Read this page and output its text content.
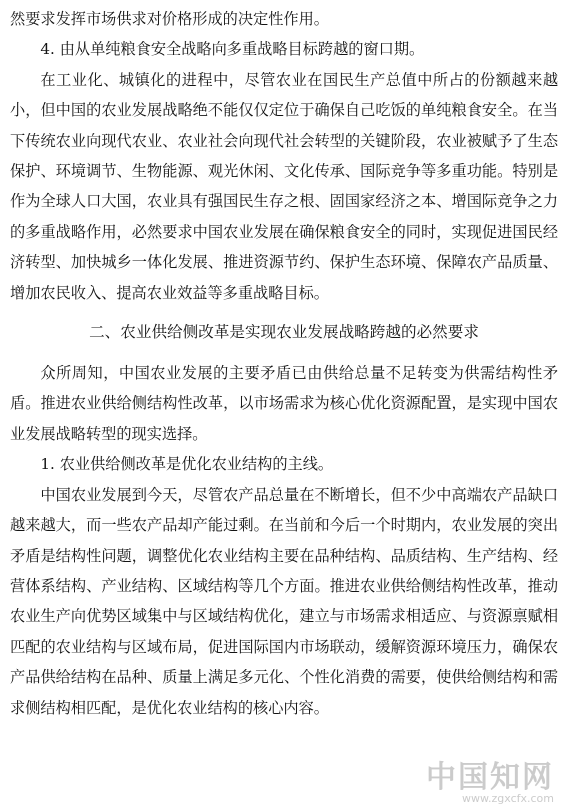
然要求发挥市场供求对价格形成的决定性作用。

4. 由从单纯粮食安全战略向多重战略目标跨越的窗口期。

在工业化、城镇化的进程中，尽管农业在国民生产总值中所占的份额越来越小，但中国的农业发展战略绝不能仅仅定位于确保自己吃饭的单纯粮食安全。在当下传统农业向现代农业、农业社会向现代社会转型的关键阶段，农业被赋予了生态保护、环境调节、生物能源、观光休闲、文化传承、国际竞争等多重功能。特别是作为全球人口大国，农业具有强国民生存之根、固国家经济之本、增国际竞争之力的多重战略作用，必然要求中国农业发展在确保粮食安全的同时，实现促进国民经济转型、加快城乡一体化发展、推进资源节约、保护生态环境、保障农产品质量、增加农民收入、提高农业效益等多重战略目标。

二、农业供给侧改革是实现农业发展战略跨越的必然要求

众所周知，中国农业发展的主要矛盾已由供给总量不足转变为供需结构性矛盾。推进农业供给侧结构性改革，以市场需求为核心优化资源配置，是实现中国农业发展战略转型的现实选择。

1. 农业供给侧改革是优化农业结构的主线。

中国农业发展到今天，尽管农产品总量在不断增长，但不少中高端农产品缺口越来越大，而一些农产品却产能过剩。在当前和今后一个时期内，农业发展的突出矛盾是结构性问题，调整优化农业结构主要在品种结构、品质结构、生产结构、经营体系结构、产业结构、区域结构等几个方面。推进农业供给侧结构性改革，推动农业生产向优势区域集中与区域结构优化，建立与市场需求相适应、与资源禀赋相匹配的农业结构与区域布局，促进国际国内市场联动，缓解资源环境压力，确保农产品供给结构在品种、质量上满足多元化、个性化消费的需要，使供给侧结构和需求侧结构相匹配，是优化农业结构的核心内容。

中国知网
www.zgxcfx.com
